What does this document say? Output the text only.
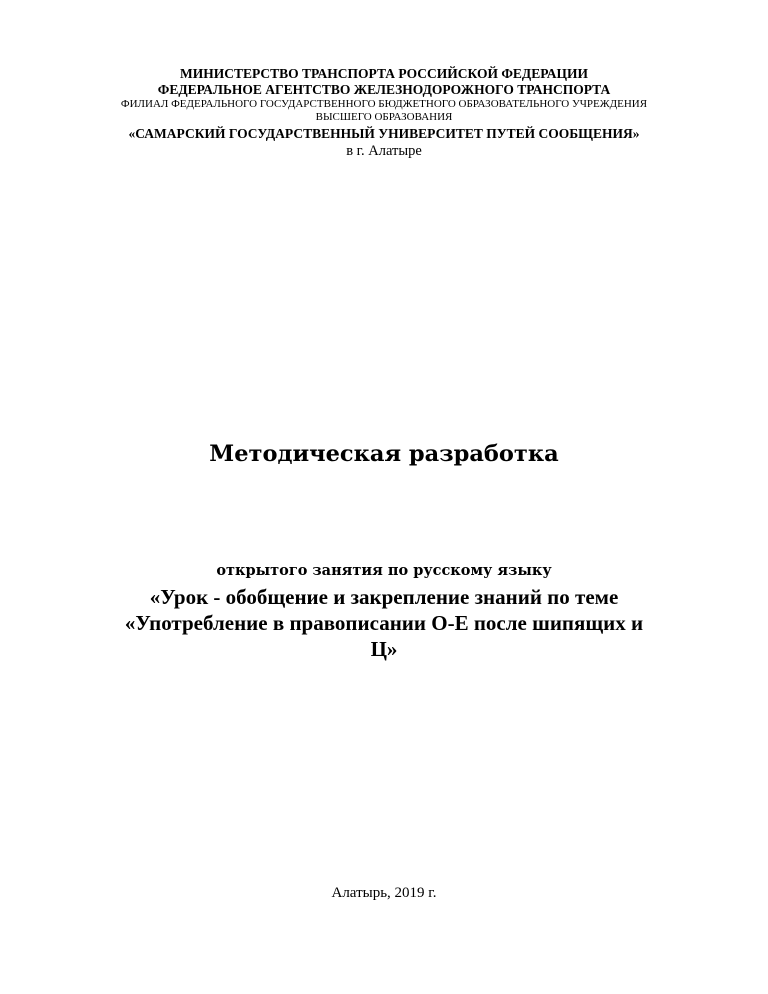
МИНИСТЕРСТВО ТРАНСПОРТА РОССИЙСКОЙ ФЕДЕРАЦИИ
ФЕДЕРАЛЬНОЕ АГЕНТСТВО ЖЕЛЕЗНОДОРОЖНОГО ТРАНСПОРТА
ФИЛИАЛ ФЕДЕРАЛЬНОГО ГОСУДАРСТВЕННОГО БЮДЖЕТНОГО ОБРАЗОВАТЕЛЬНОГО УЧРЕЖДЕНИЯ
ВЫСШЕГО ОБРАЗОВАНИЯ
«САМАРСКИЙ ГОСУДАРСТВЕННЫЙ УНИВЕРСИТЕТ ПУТЕЙ СООБЩЕНИЯ»
в г. Алатыре
Методическая разработка
открытого занятия по русскому языку
«Урок - обобщение и закрепление знаний по теме
«Употребление в правописании О-Е после шипящих и
Ц»
Алатырь, 2019 г.
